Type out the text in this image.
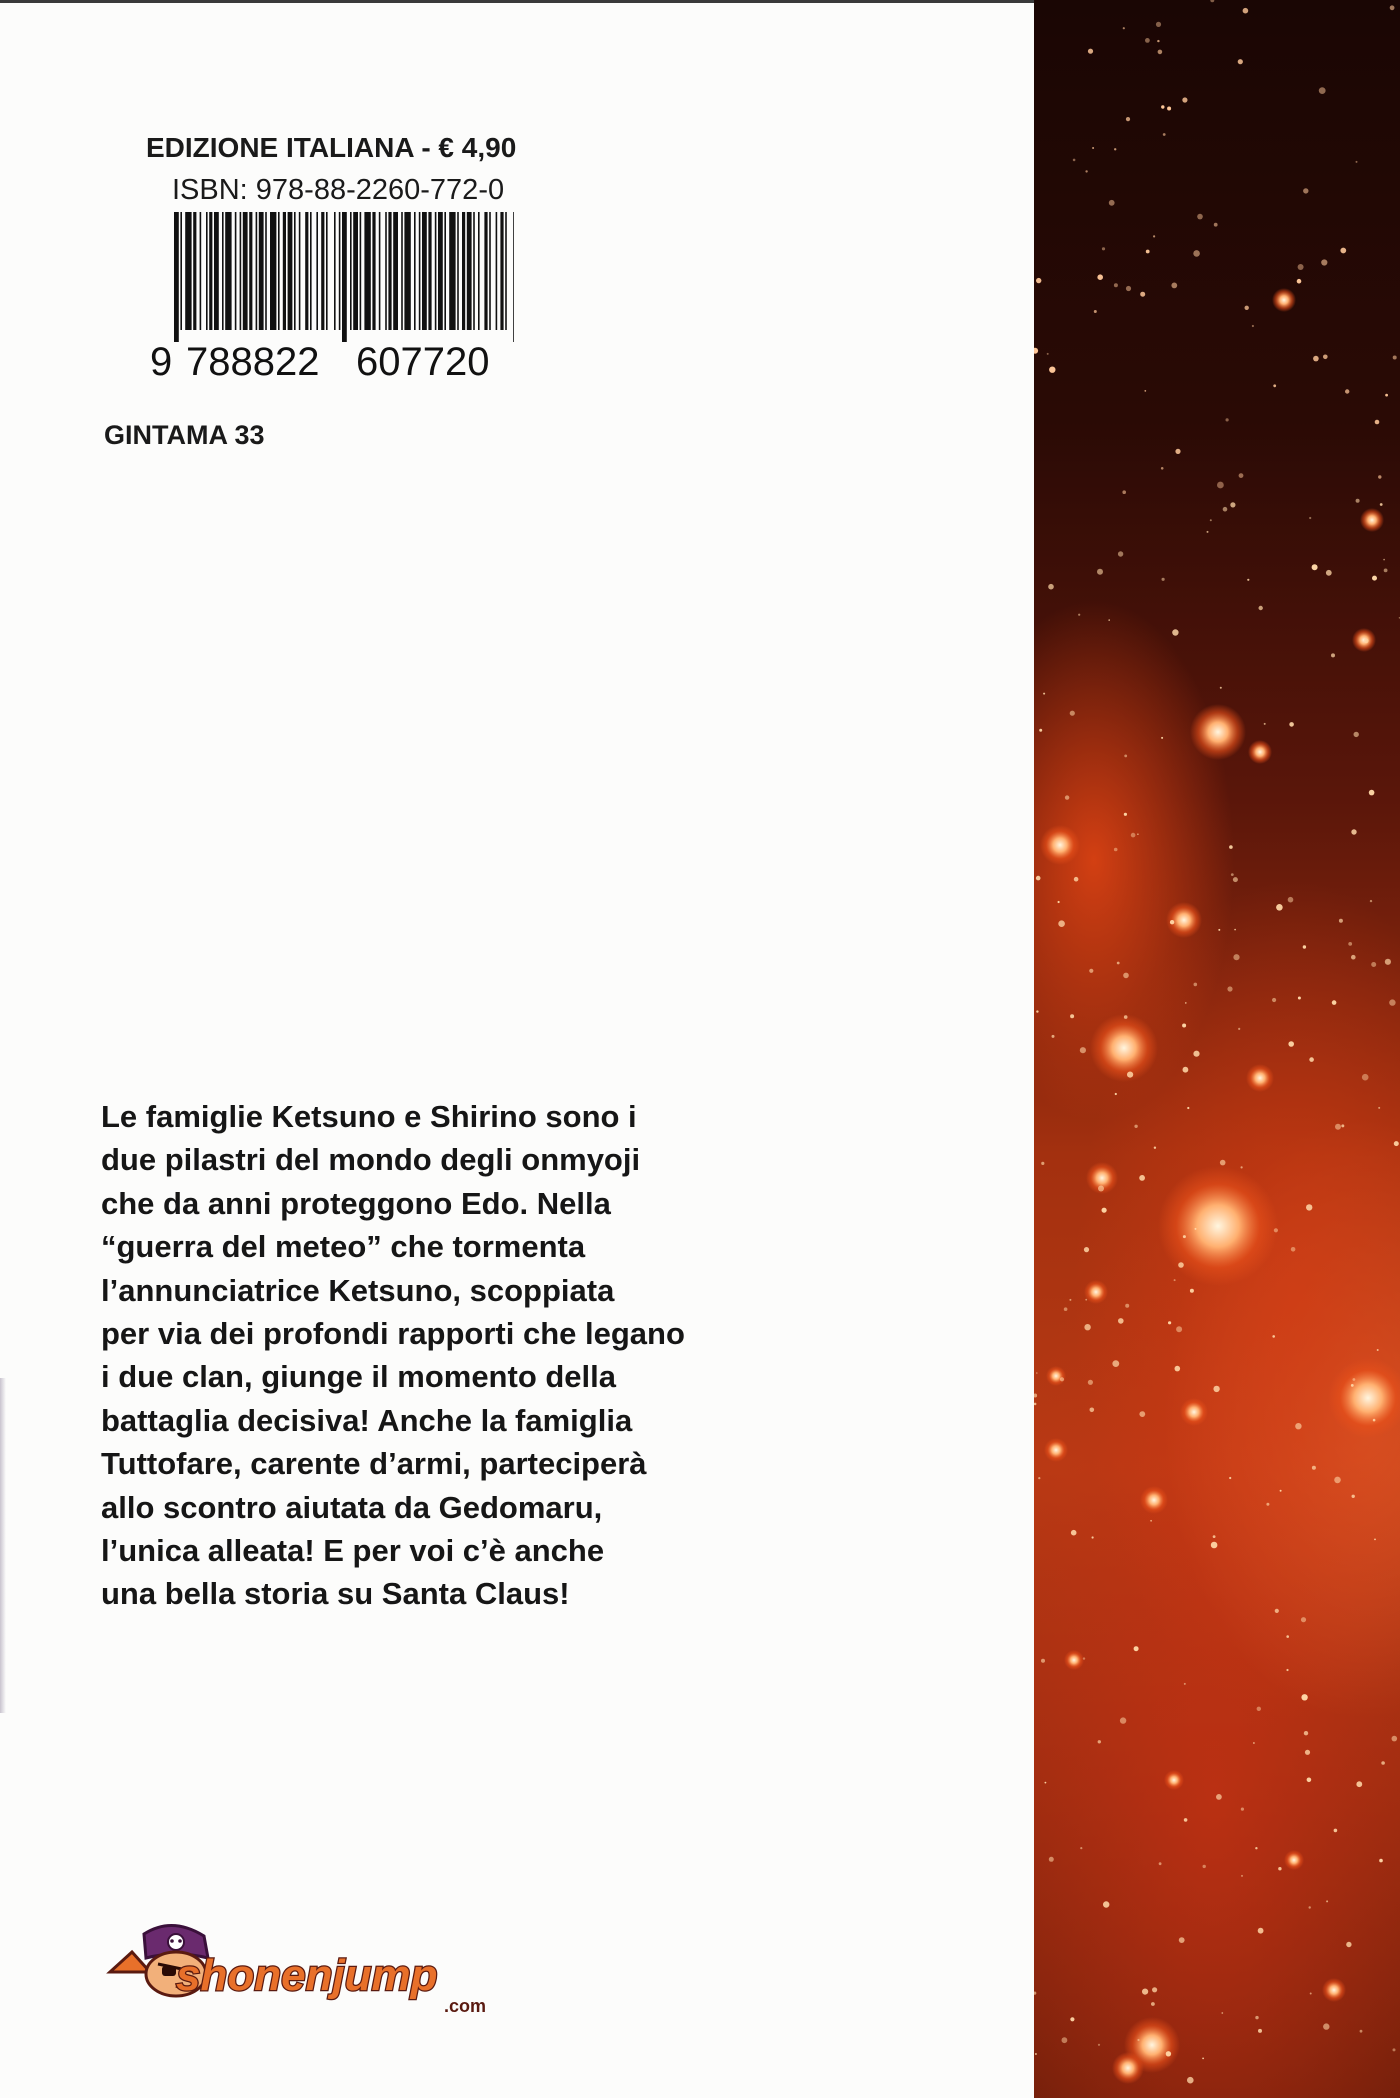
EDIZIONE ITALIANA - € 4,90
ISBN: 978-88-2260-772-0
9 788822 607720
GINTAMA 33

Le famiglie Ketsuno e Shirino sono i
due pilastri del mondo degli onmyoji
che da anni proteggono Edo. Nella
“guerra del meteo” che tormenta
l’annunciatrice Ketsuno, scoppiata
per via dei profondi rapporti che legano
i due clan, giunge il momento della
battaglia decisiva! Anche la famiglia
Tuttofare, carente d’armi, parteciperà
allo scontro aiutata da Gedomaru,
l’unica alleata! E per voi c’è anche
una bella storia su Santa Claus!

shonenjump
.com
